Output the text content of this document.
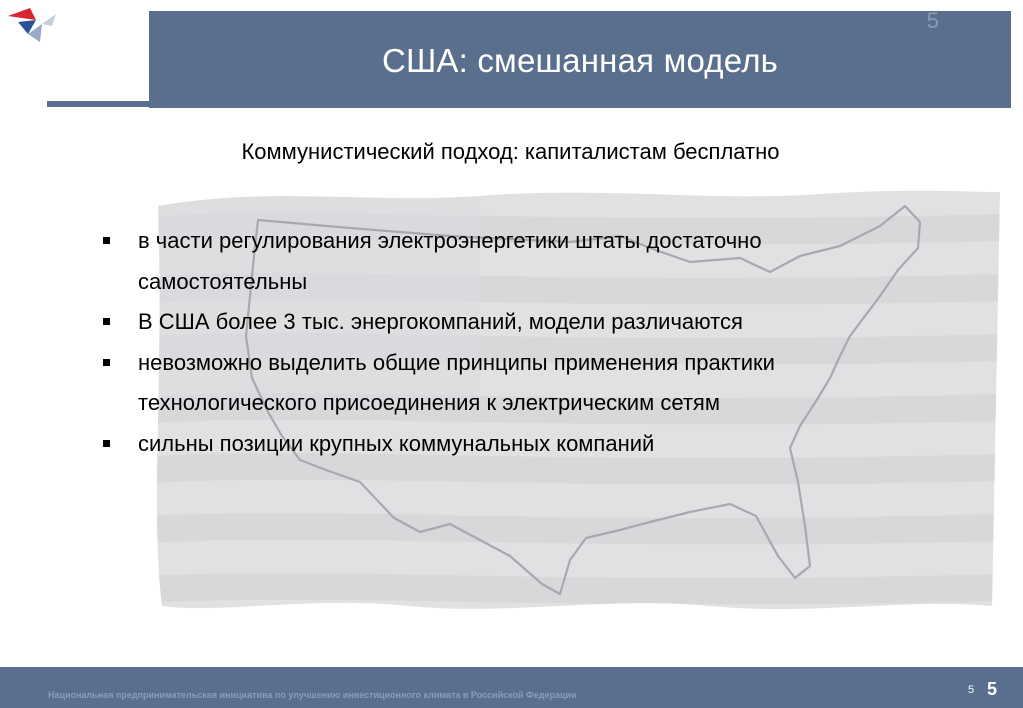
США: смешанная модель
5
Коммунистический подход: капиталистам бесплатно
в части регулирования электроэнергетики штаты достаточно самостоятельны
В США более 3 тыс. энергокомпаний, модели различаются
невозможно выделить общие принципы применения практики технологического присоединения к электрическим сетям
сильны позиции крупных коммунальных компаний
Национальная предпринимательская инициатива по улучшению инвестиционного климата в Российской Федерации	5 5
